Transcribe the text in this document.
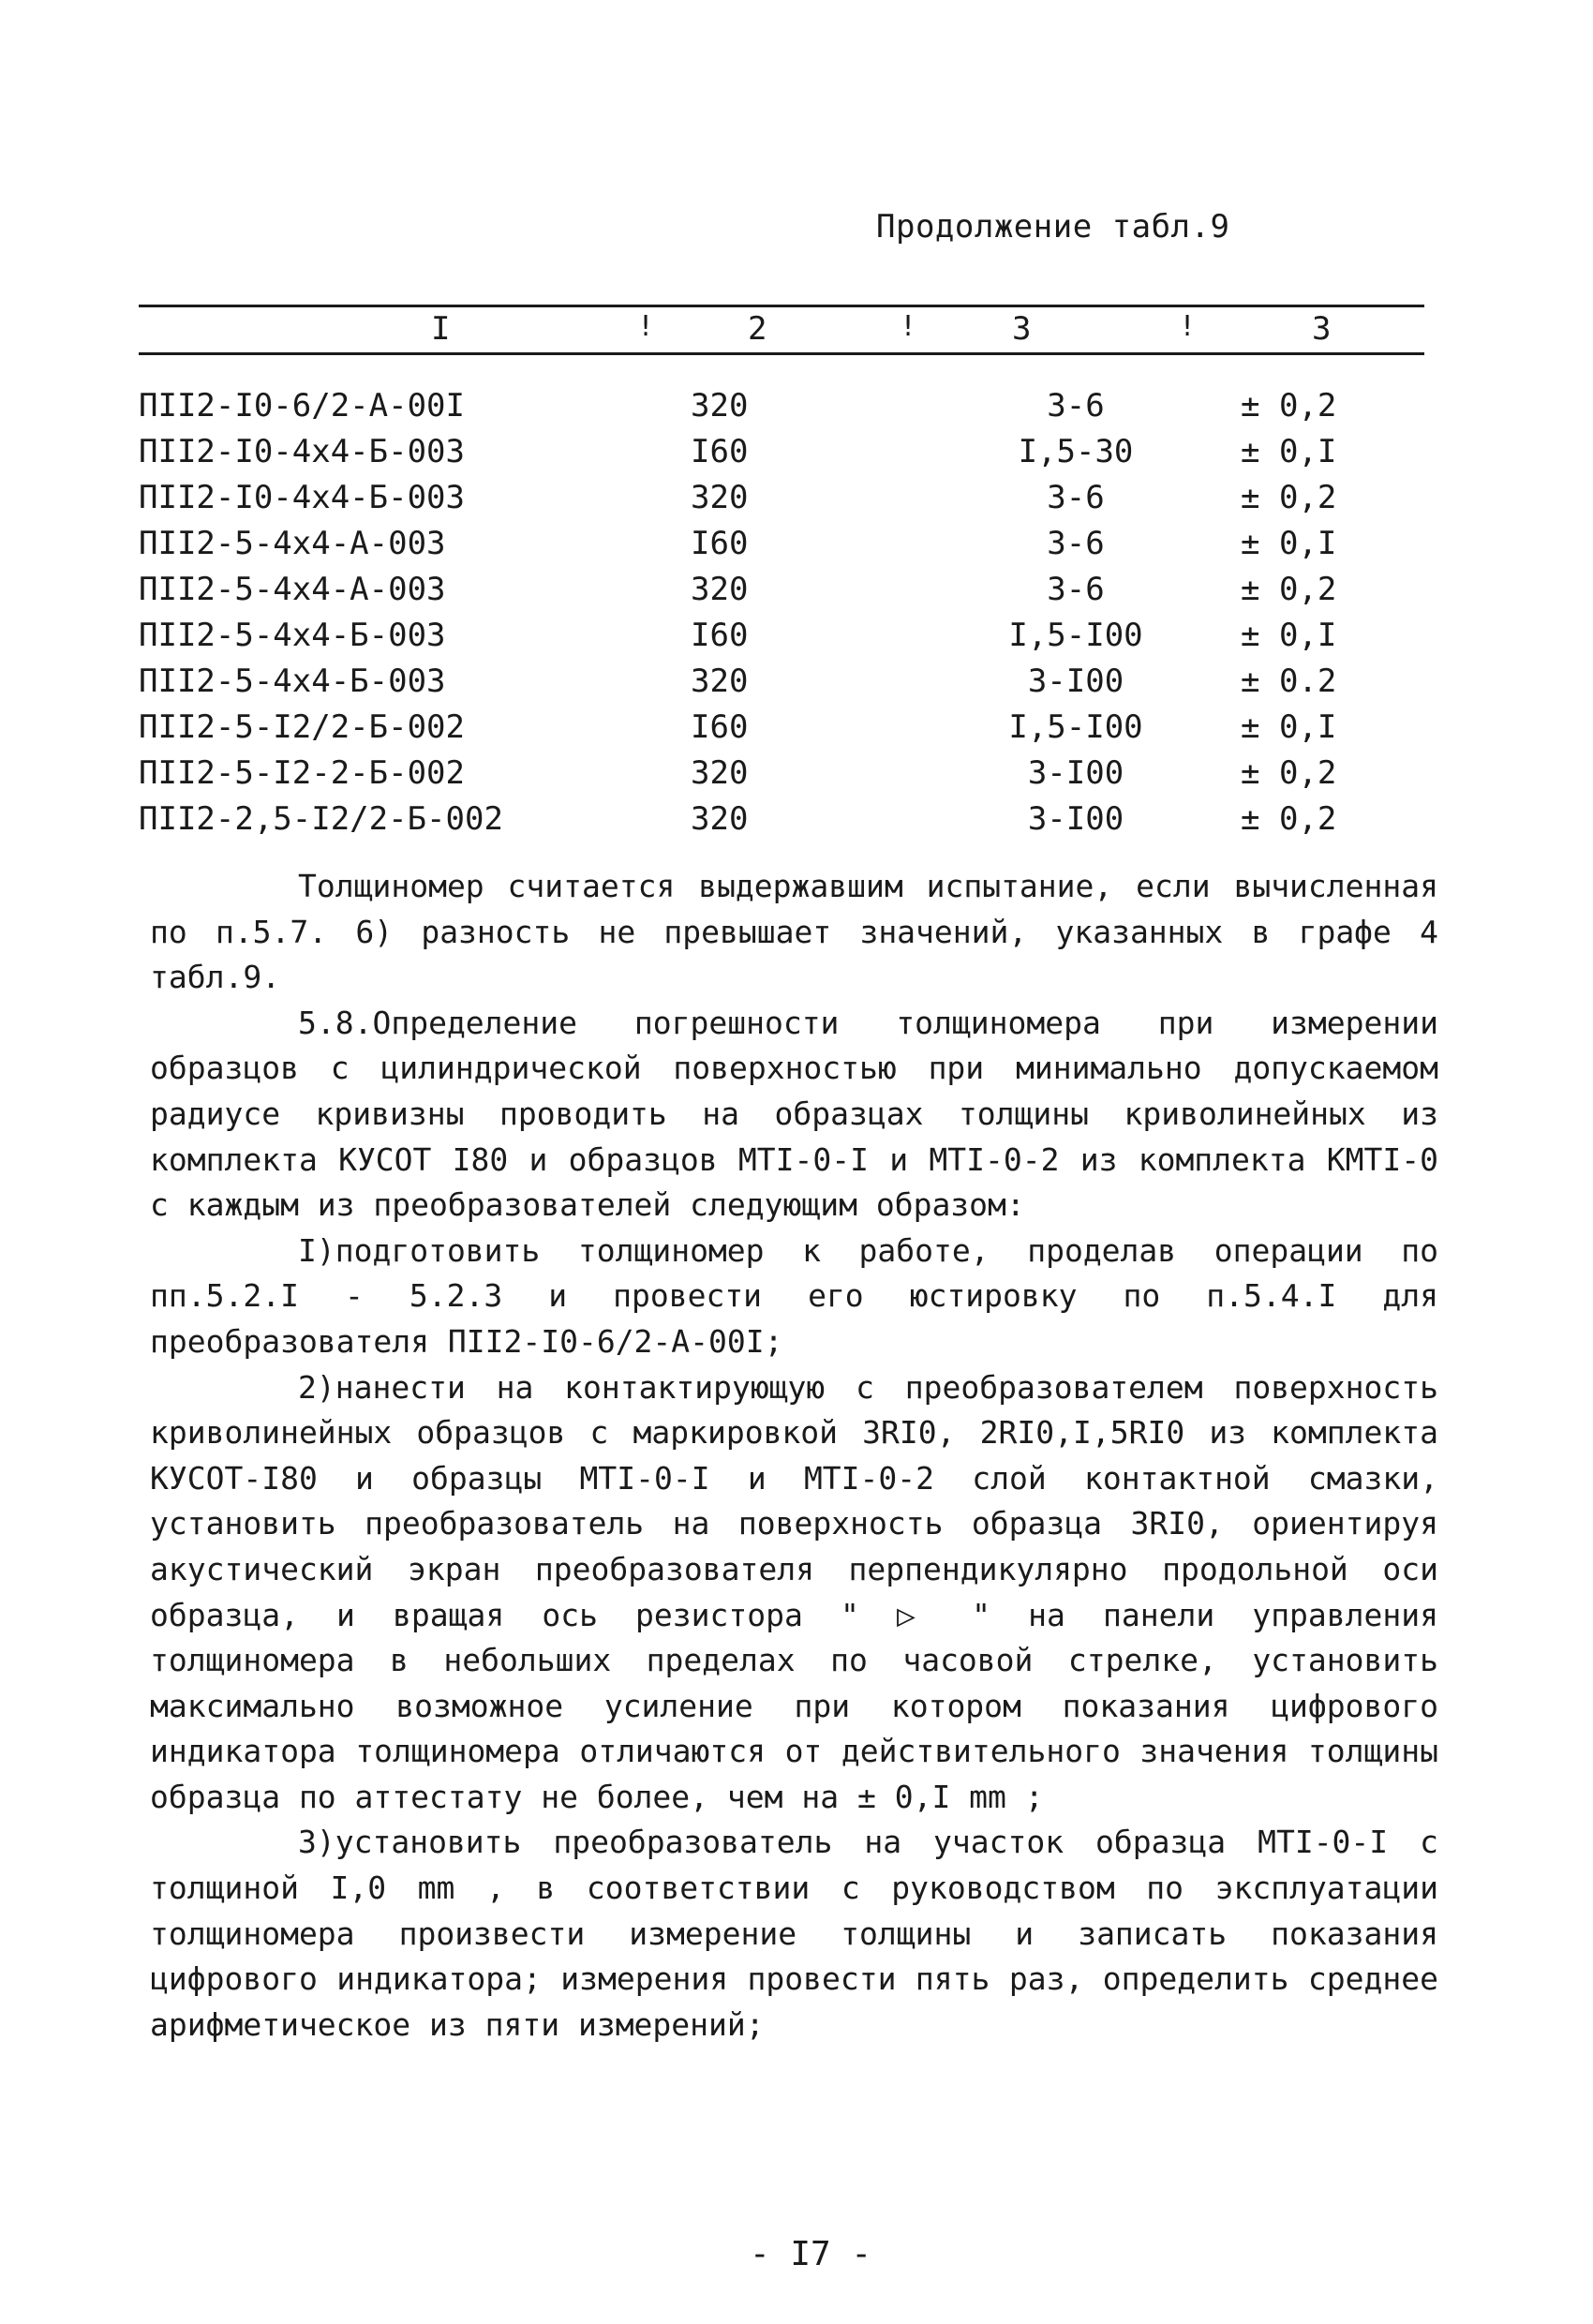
Продолжение табл.9
I	!	2	!	3	!	3
ПІІ2-І0-6/2-А-00І	320	3-6	± 0,2
ПІІ2-І0-4х4-Б-003	І60	І,5-30	± 0,І
ПІІ2-І0-4х4-Б-003	320	3-6	± 0,2
ПІІ2-5-4х4-А-003	І60	3-6	± 0,І
ПІІ2-5-4х4-А-003	320	3-6	± 0,2
ПІІ2-5-4х4-Б-003	І60	І,5-І00	± 0,І
ПІІ2-5-4х4-Б-003	320	3-І00	± 0.2
ПІІ2-5-І2/2-Б-002	І60	І,5-І00	± 0,І
ПІІ2-5-І2-2-Б-002	320	3-І00	± 0,2
ПІІ2-2,5-І2/2-Б-002	320	3-І00	± 0,2

Толщиномер считается выдержавшим испытание, если вычисленная по п.5.7. 6) разность не превышает значений, указанных в графе 4 табл.9.

5.8.Определение погрешности толщиномера при измерении образцов с цилиндрической поверхностью при минимально допускаемом радиусе кривизны проводить на образцах толщины криволинейных из комплекта КУСОТ І80 и образцов МТІ-0-І и МТІ-0-2 из комплекта КМТІ-0 с каждым из преобразователей следующим образом:

І)подготовить толщиномер к работе, проделав операции по пп.5.2.І - 5.2.3 и провести его юстировку по п.5.4.І для преобразователя ПІІ2-І0-6/2-А-00І;

2)нанести на контактирующую с преобразователем поверхность криволинейных образцов с маркировкой 3RІ0, 2RІ0,І,5RІ0 из комплекта КУСОТ-І80 и образцы МТІ-0-І и МТІ-0-2 слой контактной смазки, установить преобразователь на поверхность образца 3RІ0, ориентируя акустический экран преобразователя перпендикулярно продольной оси образца, и вращая ось резистора " ▷ " на панели управления толщиномера в небольших пределах по часовой стрелке, установить максимально возможное усиление при котором показания цифрового индикатора толщиномера отличаются от действительного значения толщины образца по аттестату не более, чем на ± 0,І mm ;

3)установить преобразователь на участок образца МТІ-0-І с толщиной І,0 mm , в соответствии с руководством по эксплуатации толщиномера произвести измерение толщины и записать показания цифрового индикатора; измерения провести пять раз, определить среднее арифметическое из пяти измерений;

- I7 -
